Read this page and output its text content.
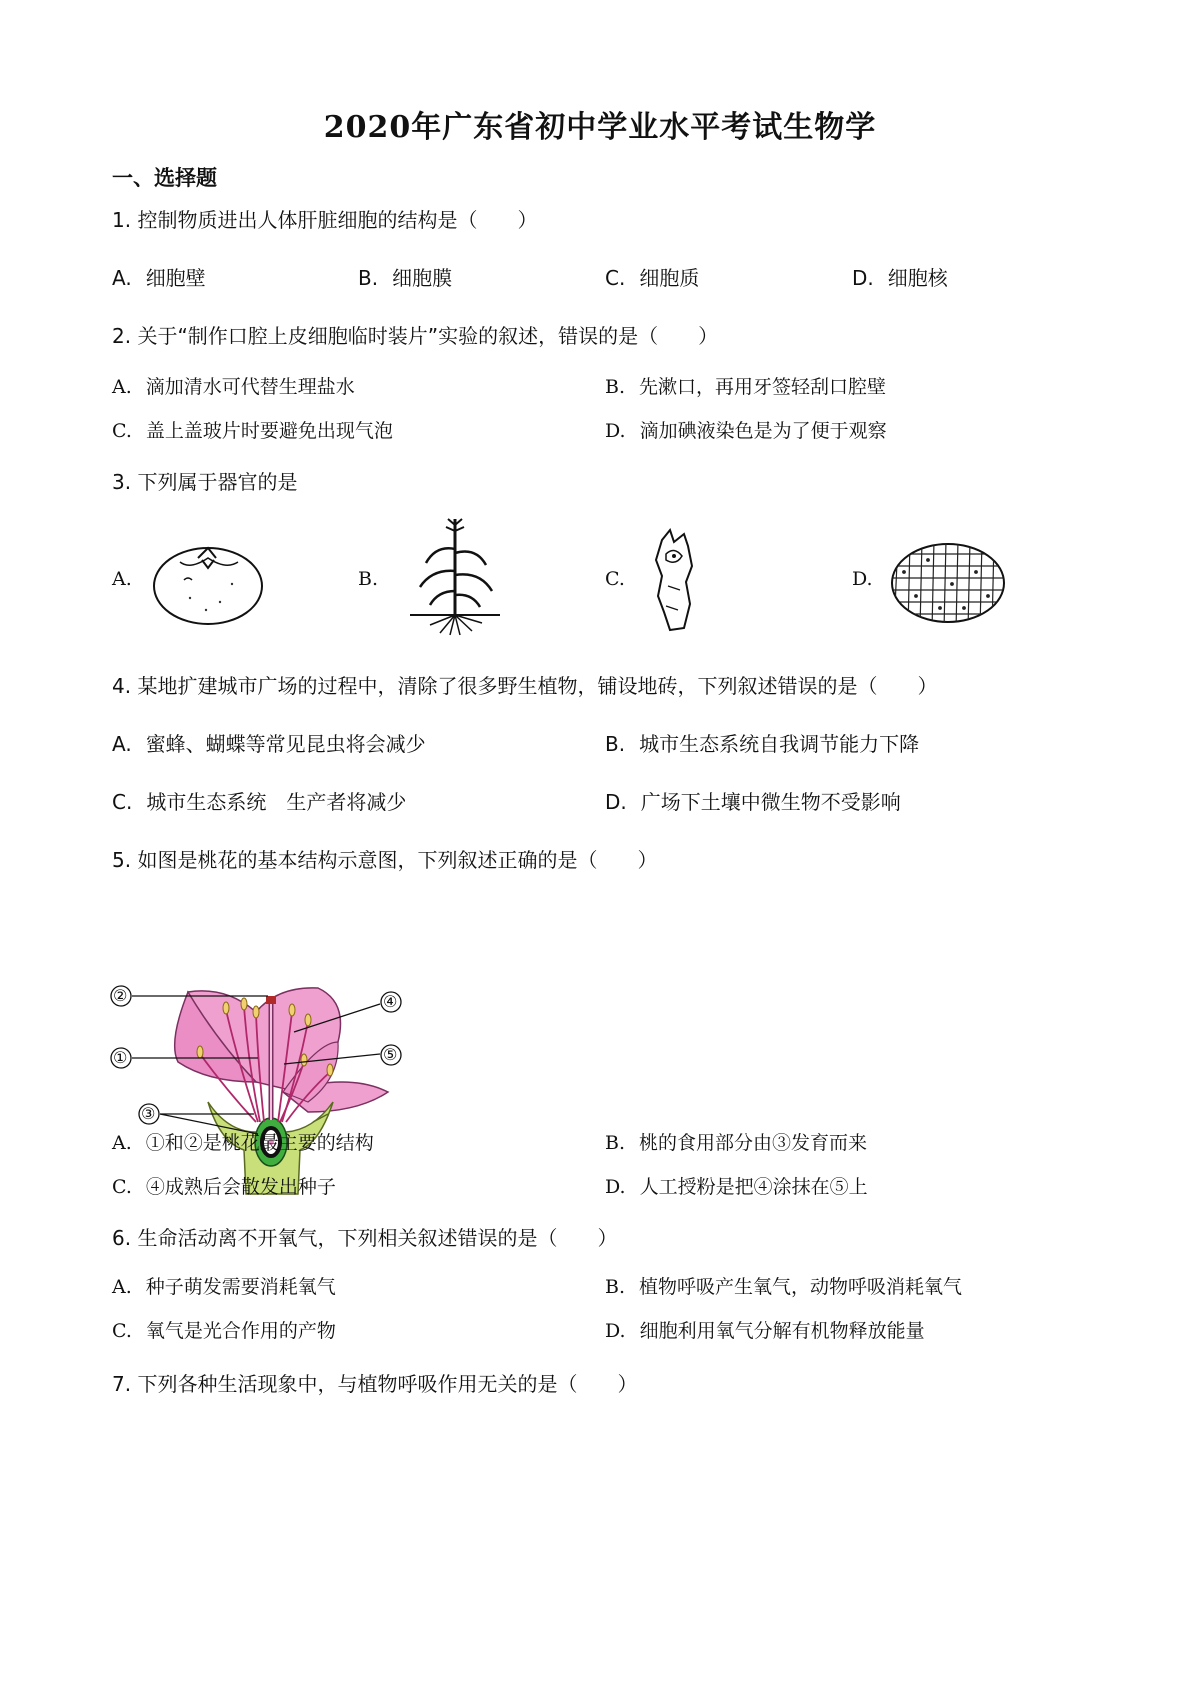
2020年广东省初中学业水平考试生物学
一、选择题
1. 控制物质进出人体肝脏细胞的结构是（　　）
A. 细胞壁	B. 细胞膜	C. 细胞质	D. 细胞核
2. 关于“制作口腔上皮细胞临时装片”实验的叙述，错误的是（　　）
A. 滴加清水可代替生理盐水	B. 先漱口，再用牙签轻刮口腔壁
C. 盖上盖玻片时要避免出现气泡	D. 滴加碘液染色是为了便于观察
3. 下列属于器官的是
A.	B.	C.	D.
4. 某地扩建城市广场的过程中，清除了很多野生植物，铺设地砖，下列叙述错误的是（　　）
A. 蜜蜂、蝴蝶等常见昆虫将会减少	B. 城市生态系统自我调节能力下降
C. 城市生态系统　生产者将减少	D. 广场下土壤中微生物不受影响
5. 如图是桃花的基本结构示意图，下列叙述正确的是（　　）
②
①
③
④
⑤
A. ①和②是桃花最主要的结构	B. 桃的食用部分由③发育而来
C. ④成熟后会散发出种子	D. 人工授粉是把④涂抹在⑤上
6. 生命活动离不开氧气，下列相关叙述错误的是（　　）
A. 种子萌发需要消耗氧气	B. 植物呼吸产生氧气，动物呼吸消耗氧气
C. 氧气是光合作用的产物	D. 细胞利用氧气分解有机物释放能量
7. 下列各种生活现象中，与植物呼吸作用无关的是（　　）
